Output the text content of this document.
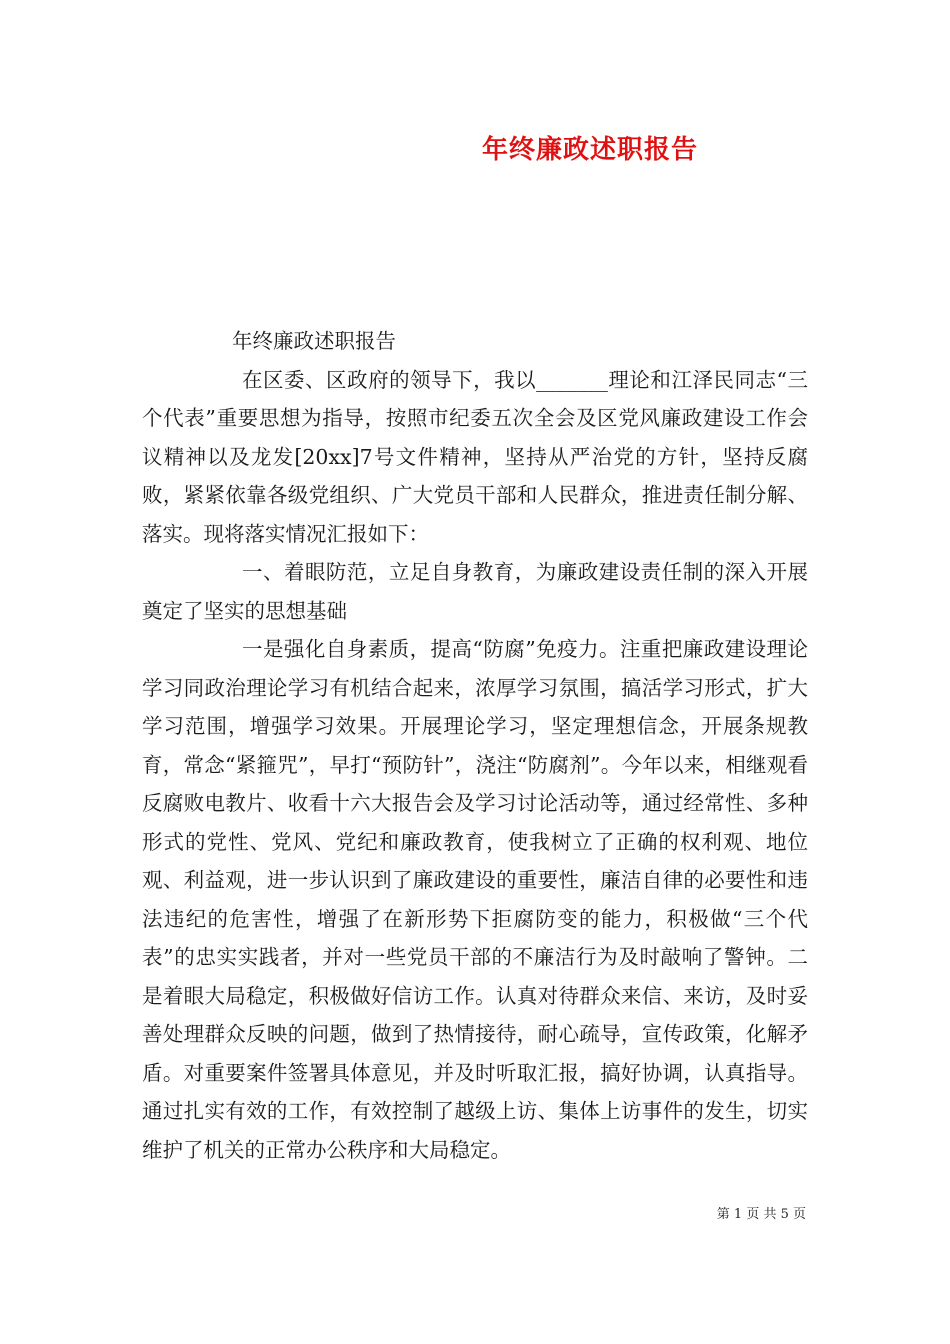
年终廉政述职报告

年终廉政述职报告

在区委、区政府的领导下，我以_______理论和江泽民同志“三个代表”重要思想为指导，按照市纪委五次全会及区党风廉政建设工作会议精神以及龙发[20xx]7号文件精神，坚持从严治党的方针，坚持反腐败，紧紧依靠各级党组织、广大党员干部和人民群众，推进责任制分解、落实。现将落实情况汇报如下：

一、着眼防范，立足自身教育，为廉政建设责任制的深入开展奠定了坚实的思想基础

一是强化自身素质，提高“防腐”免疫力。注重把廉政建设理论学习同政治理论学习有机结合起来，浓厚学习氛围，搞活学习形式，扩大学习范围，增强学习效果。开展理论学习，坚定理想信念，开展条规教育，常念“紧箍咒”，早打“预防针”，浇注“防腐剂”。今年以来，相继观看反腐败电教片、收看十六大报告会及学习讨论活动等，通过经常性、多种形式的党性、党风、党纪和廉政教育，使我树立了正确的权利观、地位观、利益观，进一步认识到了廉政建设的重要性，廉洁自律的必要性和违法违纪的危害性，增强了在新形势下拒腐防变的能力，积极做“三个代表”的忠实实践者，并对一些党员干部的不廉洁行为及时敲响了警钟。二是着眼大局稳定，积极做好信访工作。认真对待群众来信、来访，及时妥善处理群众反映的问题，做到了热情接待，耐心疏导，宣传政策，化解矛盾。对重要案件签署具体意见，并及时听取汇报，搞好协调，认真指导。通过扎实有效的工作，有效控制了越级上访、集体上访事件的发生，切实维护了机关的正常办公秩序和大局稳定。

第 1 页 共 5 页
